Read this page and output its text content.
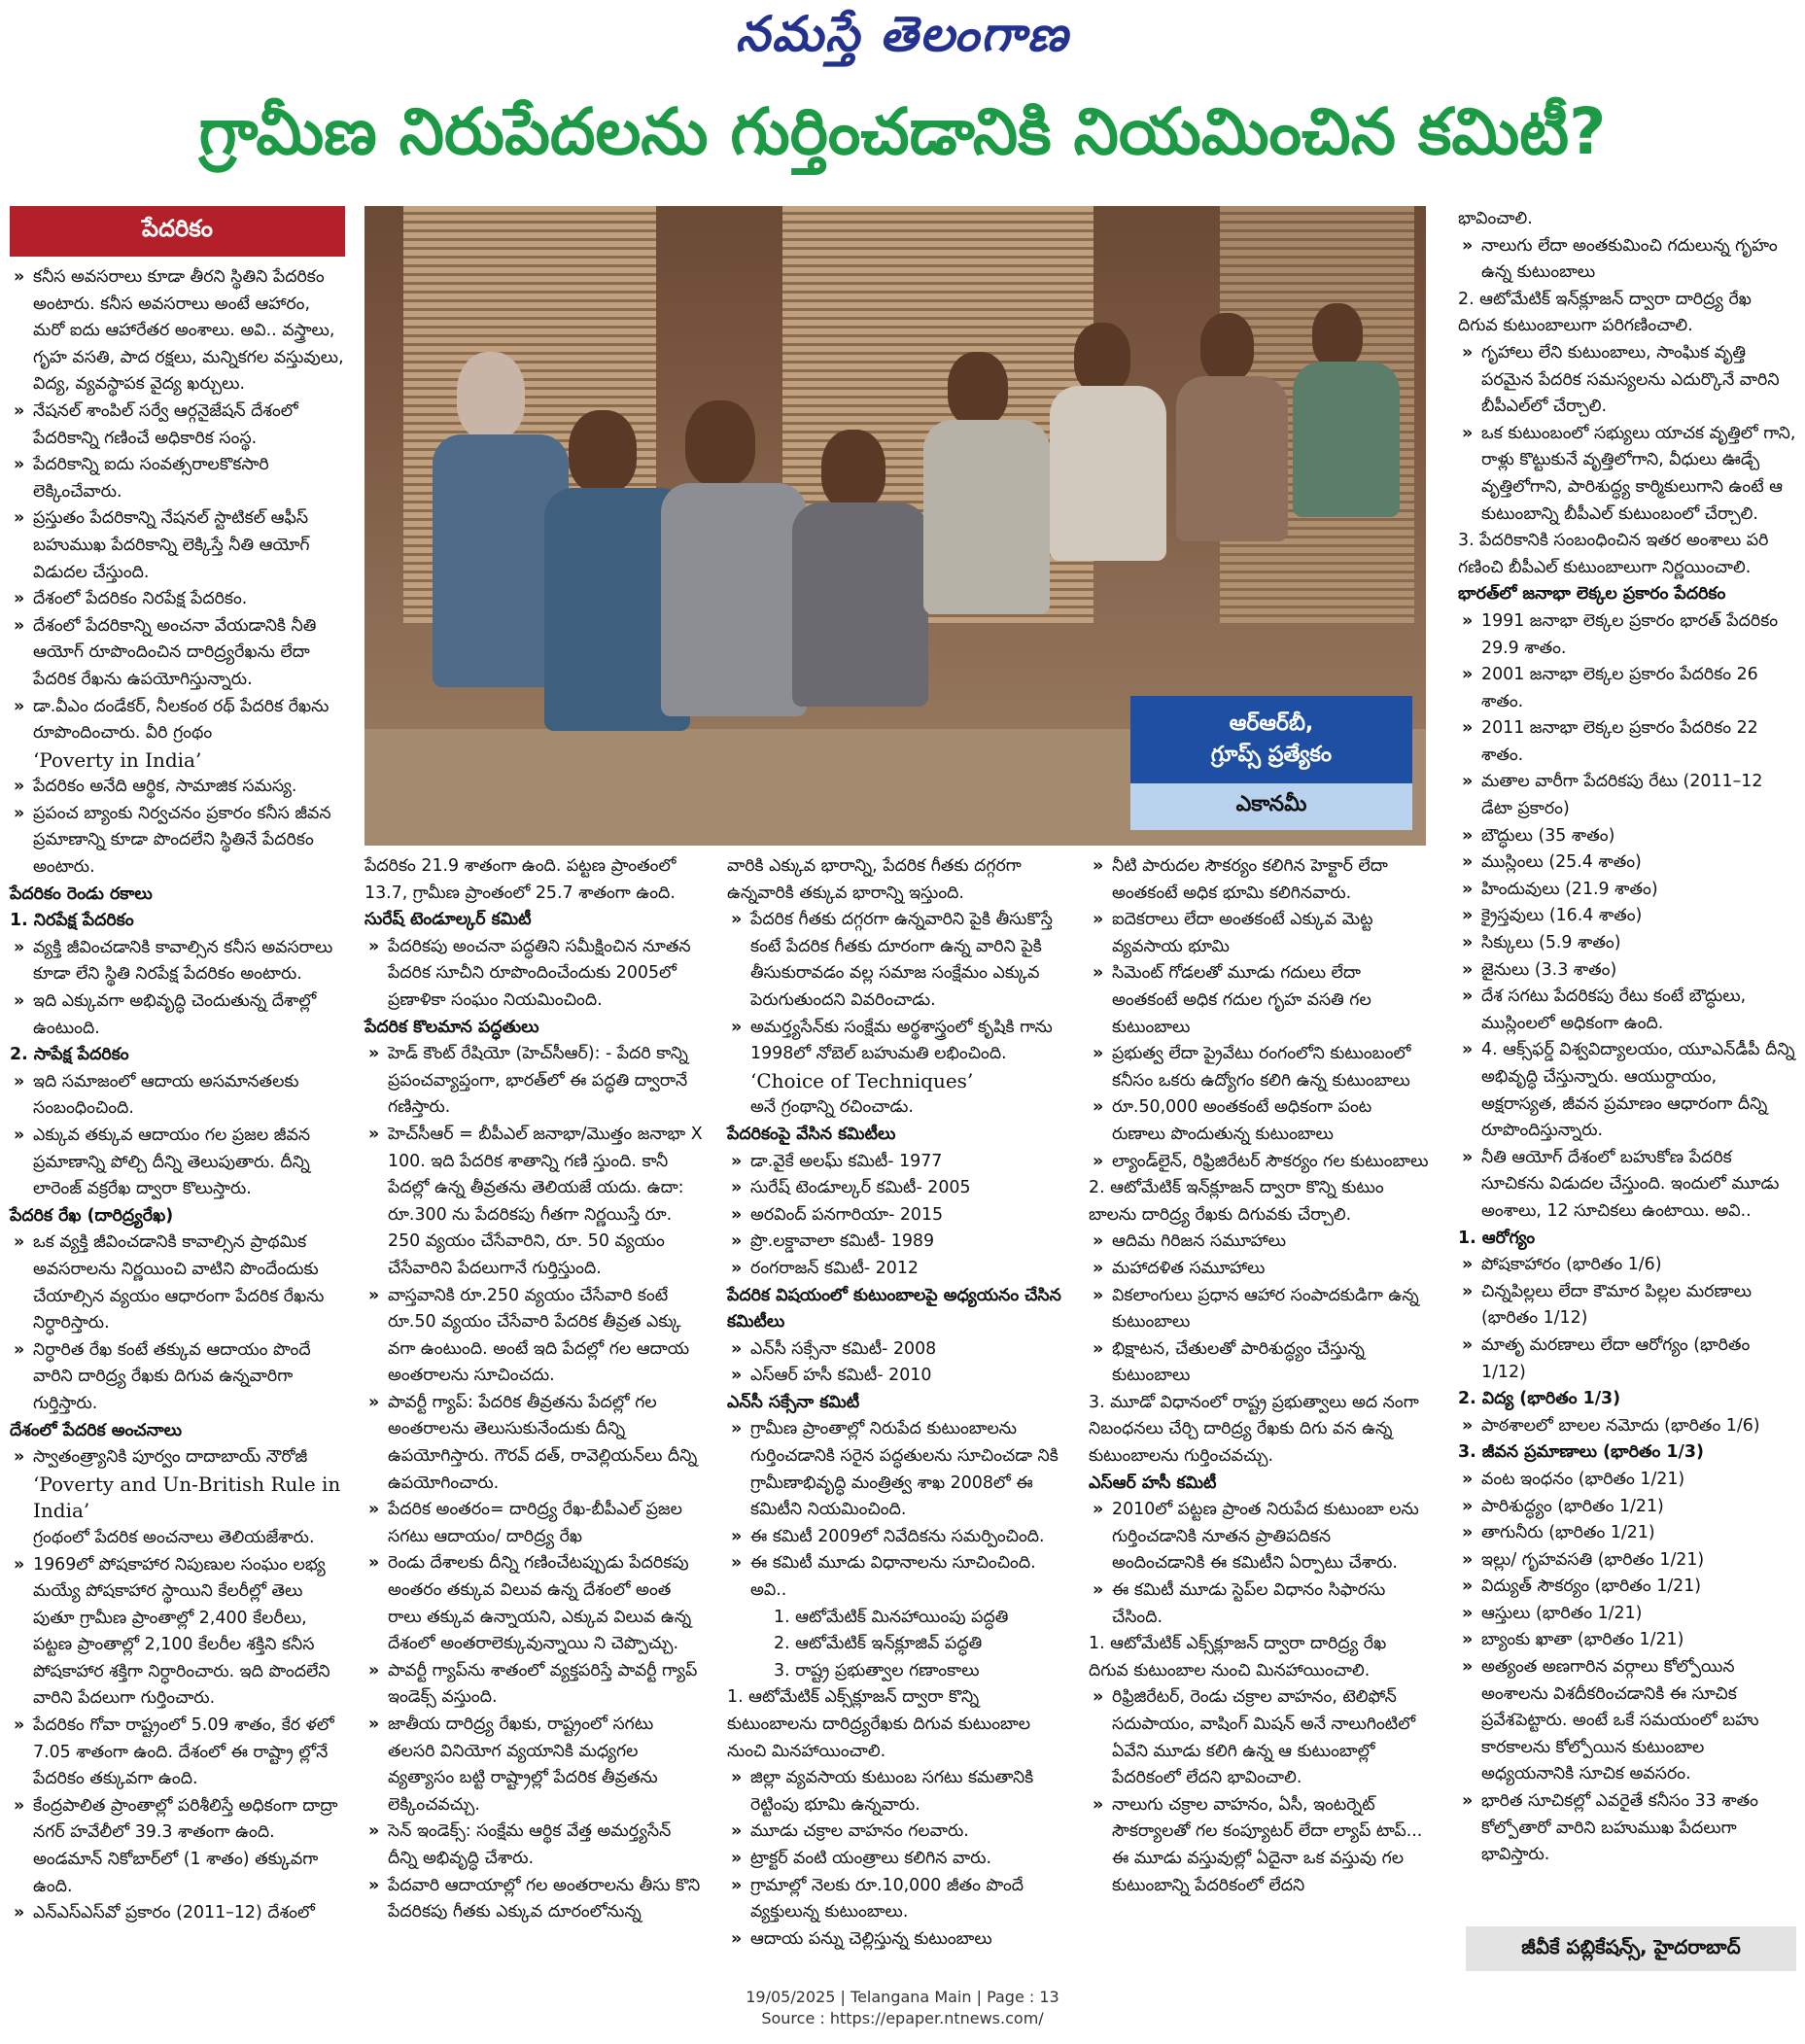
నమస్తే తెలంగాణ
గ్రామీణ నిరుపేదలను గుర్తించడానికి నియమించిన కమిటీ?
పేదరికం
ఆర్‌ఆర్‌బీ,
గ్రూప్స్ ప్రత్యేకం
ఎకానమీ
» కనీస అవసరాలు కూడా తీరని స్థితిని పేదరికం అంటారు. కనీస అవసరాలు అంటే ఆహారం, మరో ఐదు ఆహారేతర అంశాలు. అవి.. వస్త్రాలు, గృహ వసతి, పాద రక్షలు, మన్నికగల వస్తువులు, విద్య, వ్యవస్థాపక వైద్య ఖర్చులు.
» నేషనల్ శాంపిల్ సర్వే ఆర్గనైజేషన్ దేశంలో పేదరికాన్ని గణించే అధికారిక సంస్థ.
» పేదరికాన్ని ఐదు సంవత్సరాలకొకసారి లెక్కించేవారు.
» ప్రస్తుతం పేదరికాన్ని నేషనల్ స్టాటికల్ ఆఫీస్ బహుముఖ పేదరికాన్ని లెక్కిస్తే నీతి ఆయోగ్ విడుదల చేస్తుంది.
» దేశంలో పేదరికం నిరపేక్ష పేదరికం.
» దేశంలో పేదరికాన్ని అంచనా వేయడానికి నీతి ఆయోగ్ రూపొందించిన దారిద్ర్యరేఖను లేదా పేదరిక రేఖను ఉపయోగిస్తున్నారు.
» డా.వీఎం దండేకర్, నీలకంఠ రథ్ పేదరిక రేఖను రూపొందించారు. వీరి గ్రంథం
‘Poverty in India’
» పేదరికం అనేది ఆర్థిక, సామాజిక సమస్య.
» ప్రపంచ బ్యాంకు నిర్వచనం ప్రకారం కనీస జీవన ప్రమాణాన్ని కూడా పొందలేని స్థితినే పేదరికం అంటారు.
పేదరికం రెండు రకాలు
1. నిరపేక్ష పేదరికం
» వ్యక్తి జీవించడానికి కావాల్సిన కనీస అవసరాలు కూడా లేని స్థితి నిరపేక్ష పేదరికం అంటారు.
» ఇది ఎక్కువగా అభివృద్ధి చెందుతున్న దేశాల్లో ఉంటుంది.
2. సాపేక్ష పేదరికం
» ఇది సమాజంలో ఆదాయ అసమానతలకు సంబంధించింది.
» ఎక్కువ తక్కువ ఆదాయం గల ప్రజల జీవన ప్రమాణాన్ని పోల్చి దీన్ని తెలుపుతారు. దీన్ని లారెంజ్ వక్రరేఖ ద్వారా కొలుస్తారు.
పేదరిక రేఖ (దారిద్ర్యరేఖ)
» ఒక వ్యక్తి జీవించడానికి కావాల్సిన ప్రాథమిక అవసరాలను నిర్ణయించి వాటిని పొందేందుకు చేయాల్సిన వ్యయం ఆధారంగా పేదరిక రేఖను నిర్ధారిస్తారు.
» నిర్ధారిత రేఖ కంటే తక్కువ ఆదాయం పొందే వారిని దారిద్ర్య రేఖకు దిగువ ఉన్నవారిగా గుర్తిస్తారు.
దేశంలో పేదరిక అంచనాలు
» స్వాతంత్ర్యానికి పూర్వం దాదాబాయ్ నౌరోజీ
‘Poverty and Un-British Rule in India’
గ్రంథంలో పేదరిక అంచనాలు తెలియజేశారు.
» 1969లో పోషకాహార నిపుణుల సంఘం లభ్య మయ్యే పోషకాహార స్థాయిని కేలరీల్లో తెలు పుతూ గ్రామీణ ప్రాంతాల్లో 2,400 కేలరీలు, పట్టణ ప్రాంతాల్లో 2,100 కేలరీల శక్తిని కనీస పోషకాహార శక్తిగా నిర్ధారించారు. ఇది పొందలేని వారిని పేదలుగా గుర్తించారు.
» పేదరికం గోవా రాష్ట్రంలో 5.09 శాతం, కేర ళలో 7.05 శాతంగా ఉంది. దేశంలో ఈ రాష్ట్రా ల్లోనే పేదరికం తక్కువగా ఉంది.
» కేంద్రపాలిత ప్రాంతాల్లో పరిశీలిస్తే అధికంగా దాద్రా నగర్ హవేలీలో 39.3 శాతంగా ఉంది. అండమాన్ నికోబార్‌లో (1 శాతం) తక్కువగా ఉంది.
» ఎన్‌ఎస్‌ఎస్‌వో ప్రకారం (2011–12) దేశంలో
పేదరికం 21.9 శాతంగా ఉంది. పట్టణ ప్రాంతంలో 13.7, గ్రామీణ ప్రాంతంలో 25.7 శాతంగా ఉంది.
సురేష్ టెండూల్కర్ కమిటీ
» పేదరికపు అంచనా పద్ధతిని సమీక్షించిన నూతన పేదరిక సూచీని రూపొందించేందుకు 2005లో ప్రణాళికా సంఘం నియమించింది.
పేదరిక కొలమాన పద్ధతులు
» హెడ్ కౌంట్ రేషియో (హెచ్‌సీఆర్): - పేదరి కాన్ని ప్రపంచవ్యాప్తంగా, భారత్‌లో ఈ పద్ధతి ద్వారానే గణిస్తారు.
» హెచ్‌సీఆర్ = బీపీఎల్ జనాభా/మొత్తం జనాభా X 100. ఇది పేదరిక శాతాన్ని గణి స్తుంది. కానీ పేదల్లో ఉన్న తీవ్రతను తెలియజే యదు. ఉదా: రూ.300 ను పేదరికపు గీతగా నిర్ణయిస్తే రూ. 250 వ్యయం చేసేవారిని, రూ. 50 వ్యయం చేసేవారిని పేదలుగానే గుర్తిస్తుంది.
» వాస్తవానికి రూ.250 వ్యయం చేసేవారి కంటే రూ.50 వ్యయం చేసేవారి పేదరిక తీవ్రత ఎక్కు వగా ఉంటుంది. అంటే ఇది పేదల్లో గల ఆదాయ అంతరాలను సూచించదు.
» పావర్టీ గ్యాప్: పేదరిక తీవ్రతను పేదల్లో గల అంతరాలను తెలుసుకునేందుకు దీన్ని ఉపయోగిస్తారు. గౌరవ్ దత్, రావెల్లియన్‌లు దీన్ని ఉపయోగించారు.
» పేదరిక అంతరం= దారిద్ర్య రేఖ-బీపీఎల్ ప్రజల సగటు ఆదాయం/ దారిద్ర్య రేఖ
» రెండు దేశాలకు దీన్ని గణించేటప్పుడు పేదరికపు అంతరం తక్కువ విలువ ఉన్న దేశంలో అంత రాలు తక్కువ ఉన్నాయని, ఎక్కువ విలువ ఉన్న దేశంలో అంతరాలెక్కువున్నాయి ని చెప్పొచ్చు.
» పావర్టీ గ్యాప్‌ను శాతంలో వ్యక్తపరిస్తే పావర్టీ గ్యాప్ ఇండెక్స్ వస్తుంది.
» జాతీయ దారిద్ర్య రేఖకు, రాష్ట్రంలో సగటు తలసరి వినియోగ వ్యయానికి మధ్యగల వ్యత్యాసం బట్టి రాష్ట్రాల్లో పేదరిక తీవ్రతను లెక్కించవచ్చు.
» సెన్ ఇండెక్స్: సంక్షేమ ఆర్థిక వేత్త అమర్త్యసేన్ దీన్ని అభివృద్ధి చేశారు.
» పేదవారి ఆదాయాల్లో గల అంతరాలను తీసు కొని పేదరికపు గీతకు ఎక్కువ దూరంలోనున్న
వారికి ఎక్కువ భారాన్ని, పేదరిక గీతకు దగ్గరగా ఉన్నవారికి తక్కువ భారాన్ని ఇస్తుంది.
» పేదరిక గీతకు దగ్గరగా ఉన్నవారిని పైకి తీసుకొస్తే కంటే పేదరిక గీతకు దూరంగా ఉన్న వారిని పైకి తీసుకురావడం వల్ల సమాజ సంక్షేమం ఎక్కువ పెరుగుతుందని వివరించాడు.
» అమర్త్యసేన్‌కు సంక్షేమ అర్థశాస్త్రంలో కృషికి గాను 1998లో నోబెల్ బహుమతి లభించింది.
‘Choice of Techniques’
అనే గ్రంథాన్ని రచించాడు.
పేదరికంపై వేసిన కమిటీలు
» డా.వైకే అలఘ్ కమిటీ- 1977
» సురేష్ టెండూల్కర్ కమిటీ- 2005
» అరవింద్ పనగారియా- 2015
» ప్రొ.లక్డావాలా కమిటీ- 1989
» రంగరాజన్ కమిటీ- 2012
పేదరిక విషయంలో కుటుంబాలపై అధ్యయనం చేసిన కమిటీలు
» ఎన్‌సీ సక్సేనా కమిటీ- 2008
» ఎస్‌ఆర్ హసీ కమిటీ- 2010
ఎన్‌సీ సక్సేనా కమిటీ
» గ్రామీణ ప్రాంతాల్లో నిరుపేద కుటుంబాలను గుర్తించడానికి సరైన పద్ధతులను సూచించడా నికి గ్రామీణాభివృద్ధి మంత్రిత్వ శాఖ 2008లో ఈ కమిటీని నియమించింది.
» ఈ కమిటీ 2009లో నివేదికను సమర్పించింది.
» ఈ కమిటీ మూడు విధానాలను సూచించింది. అవి..
1. ఆటోమేటిక్ మినహాయింపు పద్ధతి
2. ఆటోమేటిక్ ఇన్‌క్లూజివ్ పద్ధతి
3. రాష్ట్ర ప్రభుత్వాల గణాంకాలు
1. ఆటోమేటిక్ ఎక్స్‌క్లూజన్ ద్వారా కొన్ని కుటుంబాలను దారిద్ర్యరేఖకు దిగువ కుటుంబాల నుంచి మినహాయించాలి.
» జిల్లా వ్యవసాయ కుటుంబ సగటు కమతానికి రెట్టింపు భూమి ఉన్నవారు.
» మూడు చక్రాల వాహనం గలవారు.
» ట్రాక్టర్ వంటి యంత్రాలు కలిగిన వారు.
» గ్రామాల్లో నెలకు రూ.10,000 జీతం పొందే వ్యక్తులున్న కుటుంబాలు.
» ఆదాయ పన్ను చెల్లిస్తున్న కుటుంబాలు
» నీటి పారుదల సౌకర్యం కలిగిన హెక్టార్ లేదా అంతకంటే అధిక భూమి కలిగినవారు.
» ఐదెకరాలు లేదా అంతకంటే ఎక్కువ మెట్ట వ్యవసాయ భూమి
» సిమెంట్ గోడలతో మూడు గదులు లేదా అంతకంటే అధిక గదుల గృహ వసతి గల కుటుంబాలు
» ప్రభుత్వ లేదా ప్రైవేటు రంగంలోని కుటుంబంలో కనీసం ఒకరు ఉద్యోగం కలిగి ఉన్న కుటుంబాలు
» రూ.50,000 అంతకంటే అధికంగా పంట రుణాలు పొందుతున్న కుటుంబాలు
» ల్యాండ్‌లైన్, రిఫ్రిజిరేటర్ సౌకర్యం గల కుటుంబాలు
2. ఆటోమేటిక్ ఇన్‌క్లూజన్ ద్వారా కొన్ని కుటుం బాలను దారిద్ర్య రేఖకు దిగువకు చేర్చాలి.
» ఆదిమ గిరిజన సమూహాలు
» మహాదళిత సమూహాలు
» వికలాంగులు ప్రధాన ఆహార సంపాదకుడిగా ఉన్న కుటుంబాలు
» భిక్షాటన, చేతులతో పారిశుద్ధ్యం చేస్తున్న కుటుంబాలు
3. మూడో విధానంలో రాష్ట్ర ప్రభుత్వాలు అద నంగా నిబంధనలు చేర్చి దారిద్ర్య రేఖకు దిగు వన ఉన్న కుటుంబాలను గుర్తించవచ్చు.
ఎస్‌ఆర్ హసీ కమిటీ
» 2010లో పట్టణ ప్రాంత నిరుపేద కుటుంబా లను గుర్తించడానికి నూతన ప్రాతిపదికన అందించడానికి ఈ కమిటీని ఏర్పాటు చేశారు.
» ఈ కమిటీ మూడు స్టెప్‌ల విధానం సిఫారసు చేసింది.
1. ఆటోమేటిక్ ఎక్స్‌క్లూజన్ ద్వారా దారిద్ర్య రేఖ దిగువ కుటుంబాల నుంచి మినహాయించాలి.
» రిఫ్రిజిరేటర్, రెండు చక్రాల వాహనం, టెలిఫోన్ సదుపాయం, వాషింగ్ మిషన్ అనే నాలుగింటిలో ఏవేని మూడు కలిగి ఉన్న ఆ కుటుంబాల్లో పేదరికంలో లేదని భావించాలి.
» నాలుగు చక్రాల వాహనం, ఏసీ, ఇంటర్నెట్ సౌకర్యాలతో గల కంప్యూటర్ లేదా ల్యాప్ టాప్... ఈ మూడు వస్తువుల్లో ఏదైనా ఒక వస్తువు గల కుటుంబాన్ని పేదరికంలో లేదని
భావించాలి.
» నాలుగు లేదా అంతకుమించి గదులున్న గృహం ఉన్న కుటుంబాలు
2. ఆటోమేటిక్ ఇన్‌క్లూజన్ ద్వారా దారిద్ర్య రేఖ దిగువ కుటుంబాలుగా పరిగణించాలి.
» గృహాలు లేని కుటుంబాలు, సాంఘిక వృత్తి పరమైన పేదరిక సమస్యలను ఎదుర్కొనే వారిని బీపీఎల్‌లో చేర్చాలి.
» ఒక కుటుంబంలో సభ్యులు యాచక వృత్తిలో గాని, రాళ్లు కొట్టుకునే వృత్తిలోగాని, వీధులు ఊడ్చే వృత్తిలోగాని, పారిశుద్ధ్య కార్మికులుగాని ఉంటే ఆ కుటుంబాన్ని బీపీఎల్ కుటుంబంలో చేర్చాలి.
3. పేదరికానికి సంబంధించిన ఇతర అంశాలు పరి గణించి బీపీఎల్ కుటుంబాలుగా నిర్ణయించాలి.
భారత్‌లో జనాభా లెక్కల ప్రకారం పేదరికం
» 1991 జనాభా లెక్కల ప్రకారం భారత్ పేదరికం 29.9 శాతం.
» 2001 జనాభా లెక్కల ప్రకారం పేదరికం 26 శాతం.
» 2011 జనాభా లెక్కల ప్రకారం పేదరికం 22 శాతం.
» మతాల వారీగా పేదరికపు రేటు (2011–12 డేటా ప్రకారం)
» బౌద్ధులు (35 శాతం)
» ముస్లింలు (25.4 శాతం)
» హిందువులు (21.9 శాతం)
» క్రైస్తవులు (16.4 శాతం)
» సిక్కులు (5.9 శాతం)
» జైనులు (3.3 శాతం)
» దేశ సగటు పేదరికపు రేటు కంటే బౌద్ధులు, ముస్లింలలో అధికంగా ఉంది.
» 4. ఆక్స్‌ఫర్డ్ విశ్వవిద్యాలయం, యూఎన్‌డీపీ దీన్ని అభివృద్ధి చేస్తున్నారు. ఆయుర్దాయం, అక్షరాస్యత, జీవన ప్రమాణం ఆధారంగా దీన్ని రూపొందిస్తున్నారు.
» నీతి ఆయోగ్ దేశంలో బహుకోణ పేదరిక సూచికను విడుదల చేస్తుంది. ఇందులో మూడు అంశాలు, 12 సూచికలు ఉంటాయి. అవి..
1. ఆరోగ్యం
» పోషకాహారం (భారితం 1/6)
» చిన్నపిల్లలు లేదా కౌమార పిల్లల మరణాలు (భారితం 1/12)
» మాతృ మరణాలు లేదా ఆరోగ్యం (భారితం 1/12)
2. విద్య (భారితం 1/3)
» పాఠశాలలో బాలల నమోదు (భారితం 1/6)
3. జీవన ప్రమాణాలు (భారితం 1/3)
» వంట ఇంధనం (భారితం 1/21)
» పారిశుద్ధ్యం (భారితం 1/21)
» తాగునీరు (భారితం 1/21)
» ఇల్లు/ గృహవసతి (భారితం 1/21)
» విద్యుత్ సౌకర్యం (భారితం 1/21)
» ఆస్తులు (భారితం 1/21)
» బ్యాంకు ఖాతా (భారితం 1/21)
» అత్యంత అణగారిన వర్గాలు కోల్పోయిన అంశాలను విశదీకరించడానికి ఈ సూచిక ప్రవేశపెట్టారు. అంటే ఒకే సమయంలో బహు కారకాలను కోల్పోయిన కుటుంబాల అధ్యయనానికి సూచిక అవసరం.
» భారిత సూచికల్లో ఎవరైతే కనీసం 33 శాతం కోల్పోతారో వారిని బహుముఖ పేదలుగా భావిస్తారు.
జీవీకే పబ్లికేషన్స్, హైదరాబాద్
19/05/2025 | Telangana Main | Page : 13
Source : https://epaper.ntnews.com/
